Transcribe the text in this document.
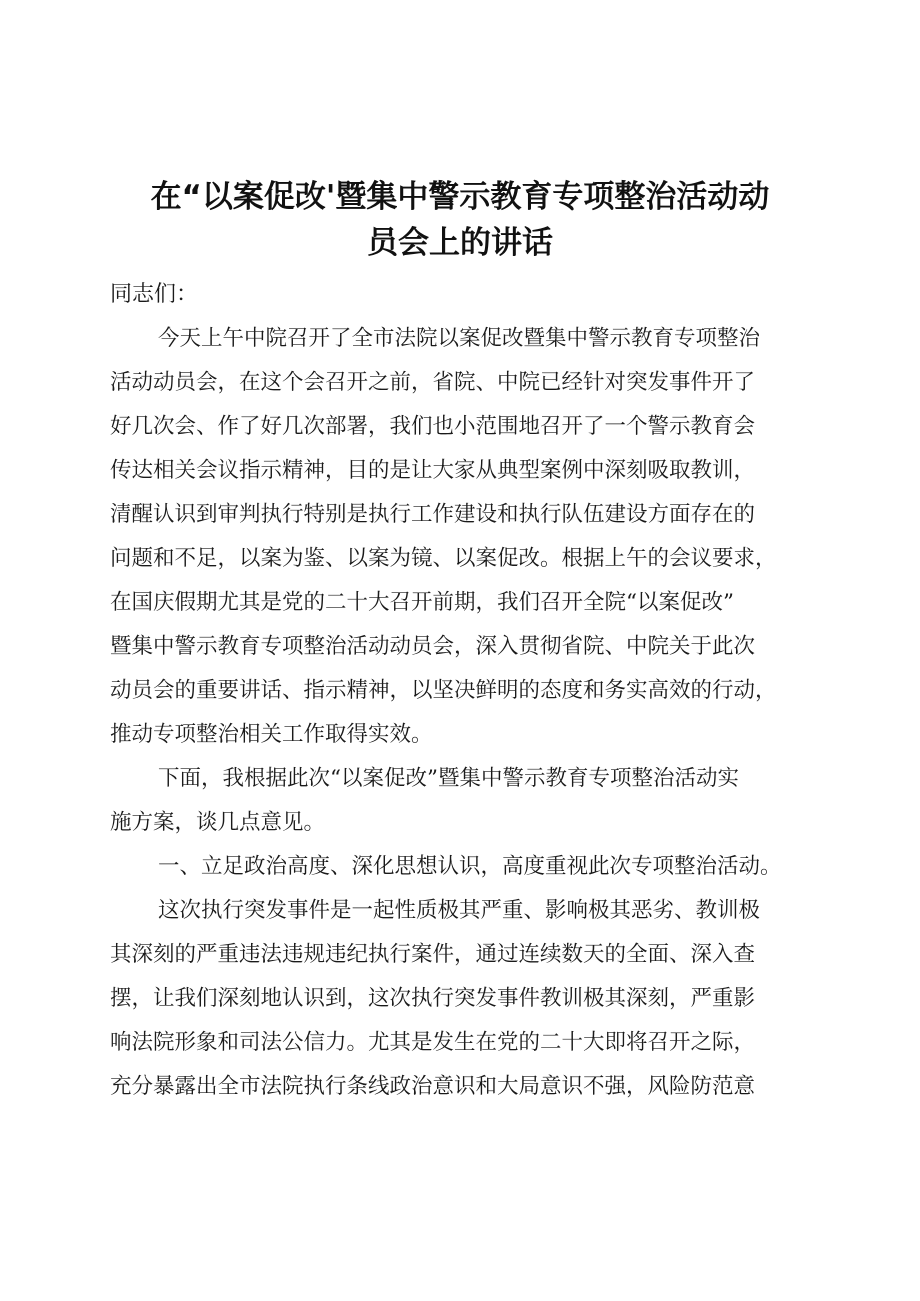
在“以案促改'暨集中警示教育专项整治活动动
员会上的讲话

同志们：

今天上午中院召开了全市法院以案促改暨集中警示教育专项整治

活动动员会，在这个会召开之前，省院、中院已经针对突发事件开了

好几次会、作了好几次部署，我们也小范围地召开了一个警示教育会

传达相关会议指示精神，目的是让大家从典型案例中深刻吸取教训，

清醒认识到审判执行特别是执行工作建设和执行队伍建设方面存在的

问题和不足，以案为鉴、以案为镜、以案促改。根据上午的会议要求，

在国庆假期尤其是党的二十大召开前期，我们召开全院“以案促改”

暨集中警示教育专项整治活动动员会，深入贯彻省院、中院关于此次

动员会的重要讲话、指示精神，以坚决鲜明的态度和务实高效的行动，

推动专项整治相关工作取得实效。

下面，我根据此次“以案促改”暨集中警示教育专项整治活动实

施方案，谈几点意见。

一、立足政治高度、深化思想认识，高度重视此次专项整治活动。

这次执行突发事件是一起性质极其严重、影响极其恶劣、教训极

其深刻的严重违法违规违纪执行案件，通过连续数天的全面、深入查

摆，让我们深刻地认识到，这次执行突发事件教训极其深刻，严重影

响法院形象和司法公信力。尤其是发生在党的二十大即将召开之际，

充分暴露出全市法院执行条线政治意识和大局意识不强，风险防范意
